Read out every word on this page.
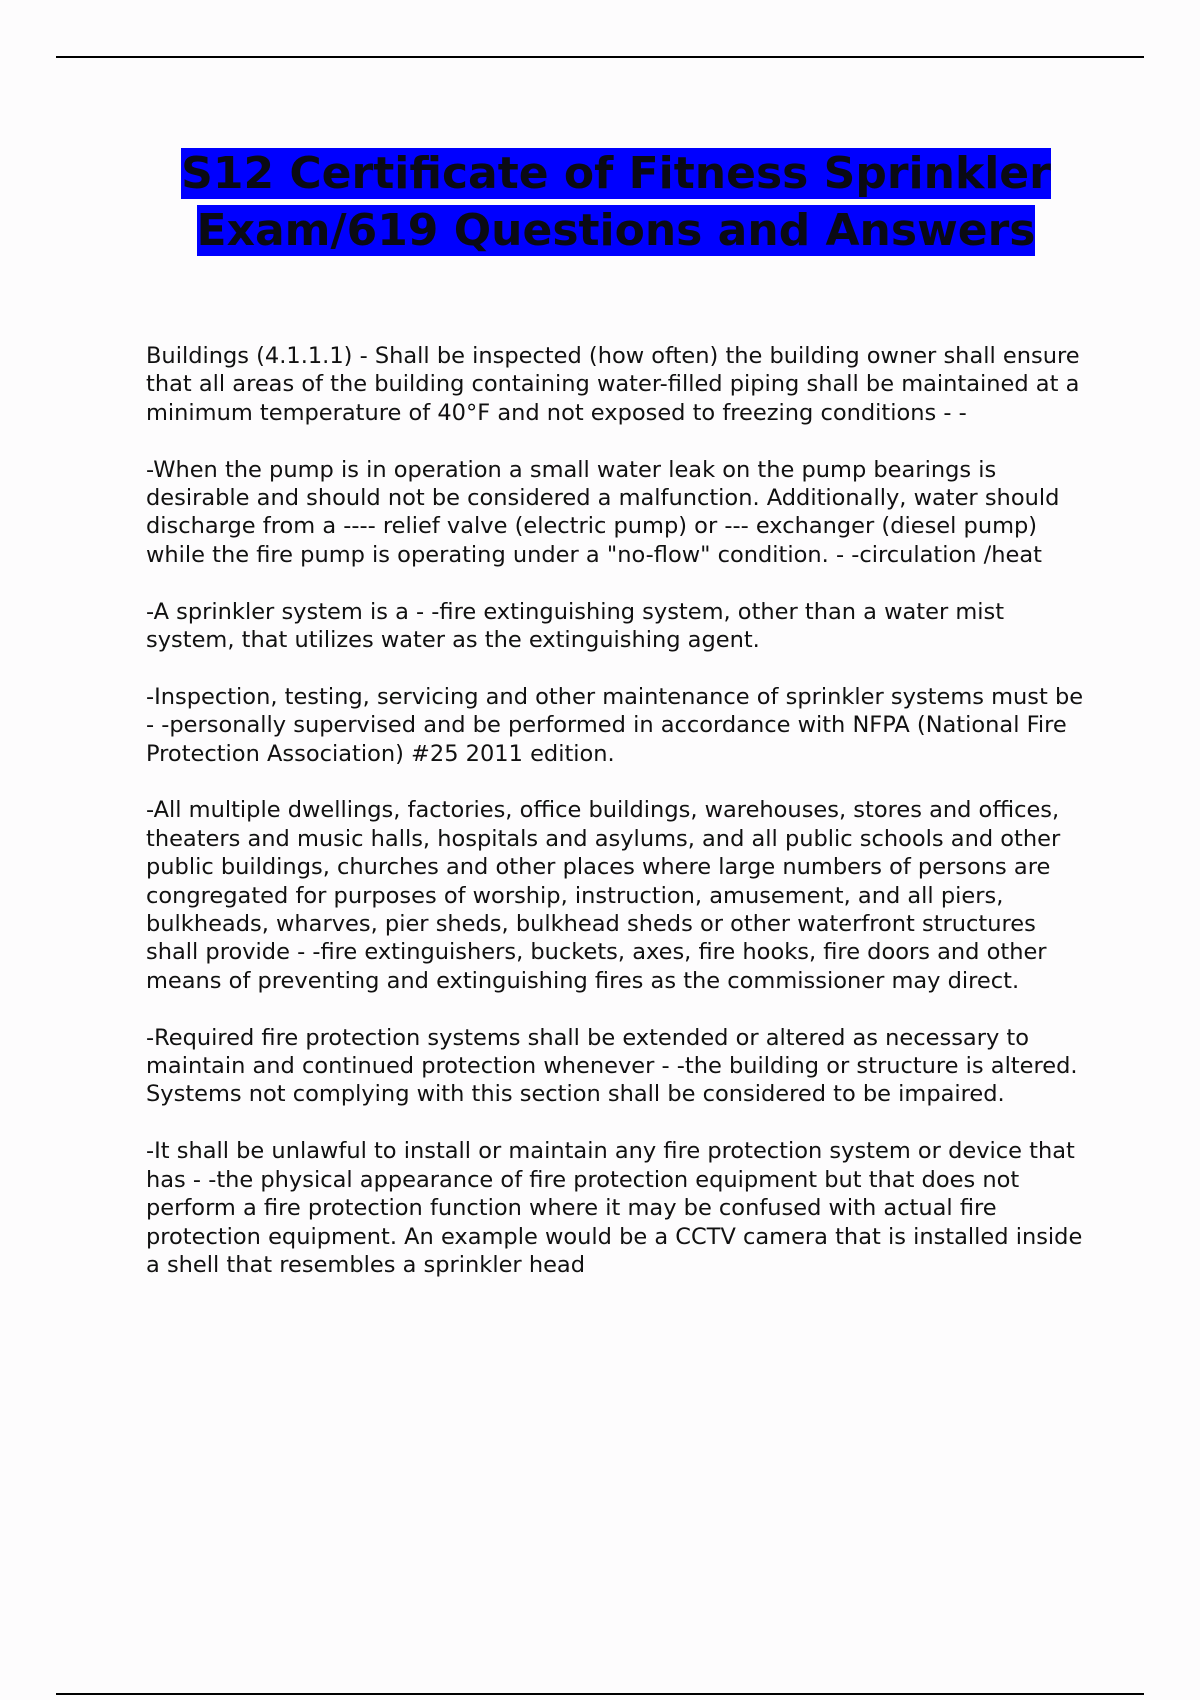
S12 Certificate of Fitness Sprinkler Exam/619 Questions and Answers

Buildings (4.1.1.1) - Shall be inspected (how often) the building owner shall ensure that all areas of the building containing water-filled piping shall be maintained at a minimum temperature of 40°F and not exposed to freezing conditions - -

-When the pump is in operation a small water leak on the pump bearings is desirable and should not be considered a malfunction. Additionally, water should discharge from a ---- relief valve (electric pump) or --- exchanger (diesel pump) while the fire pump is operating under a "no-flow" condition. - -circulation /heat

-A sprinkler system is a - -fire extinguishing system, other than a water mist system, that utilizes water as the extinguishing agent.

-Inspection, testing, servicing and other maintenance of sprinkler systems must be - -personally supervised and be performed in accordance with NFPA (National Fire Protection Association) #25 2011 edition.

-All multiple dwellings, factories, office buildings, warehouses, stores and offices, theaters and music halls, hospitals and asylums, and all public schools and other public buildings, churches and other places where large numbers of persons are congregated for purposes of worship, instruction, amusement, and all piers, bulkheads, wharves, pier sheds, bulkhead sheds or other waterfront structures shall provide - -fire extinguishers, buckets, axes, fire hooks, fire doors and other means of preventing and extinguishing fires as the commissioner may direct.

-Required fire protection systems shall be extended or altered as necessary to maintain and continued protection whenever - -the building or structure is altered. Systems not complying with this section shall be considered to be impaired.

-It shall be unlawful to install or maintain any fire protection system or device that has - -the physical appearance of fire protection equipment but that does not perform a fire protection function where it may be confused with actual fire protection equipment. An example would be a CCTV camera that is installed inside a shell that resembles a sprinkler head
